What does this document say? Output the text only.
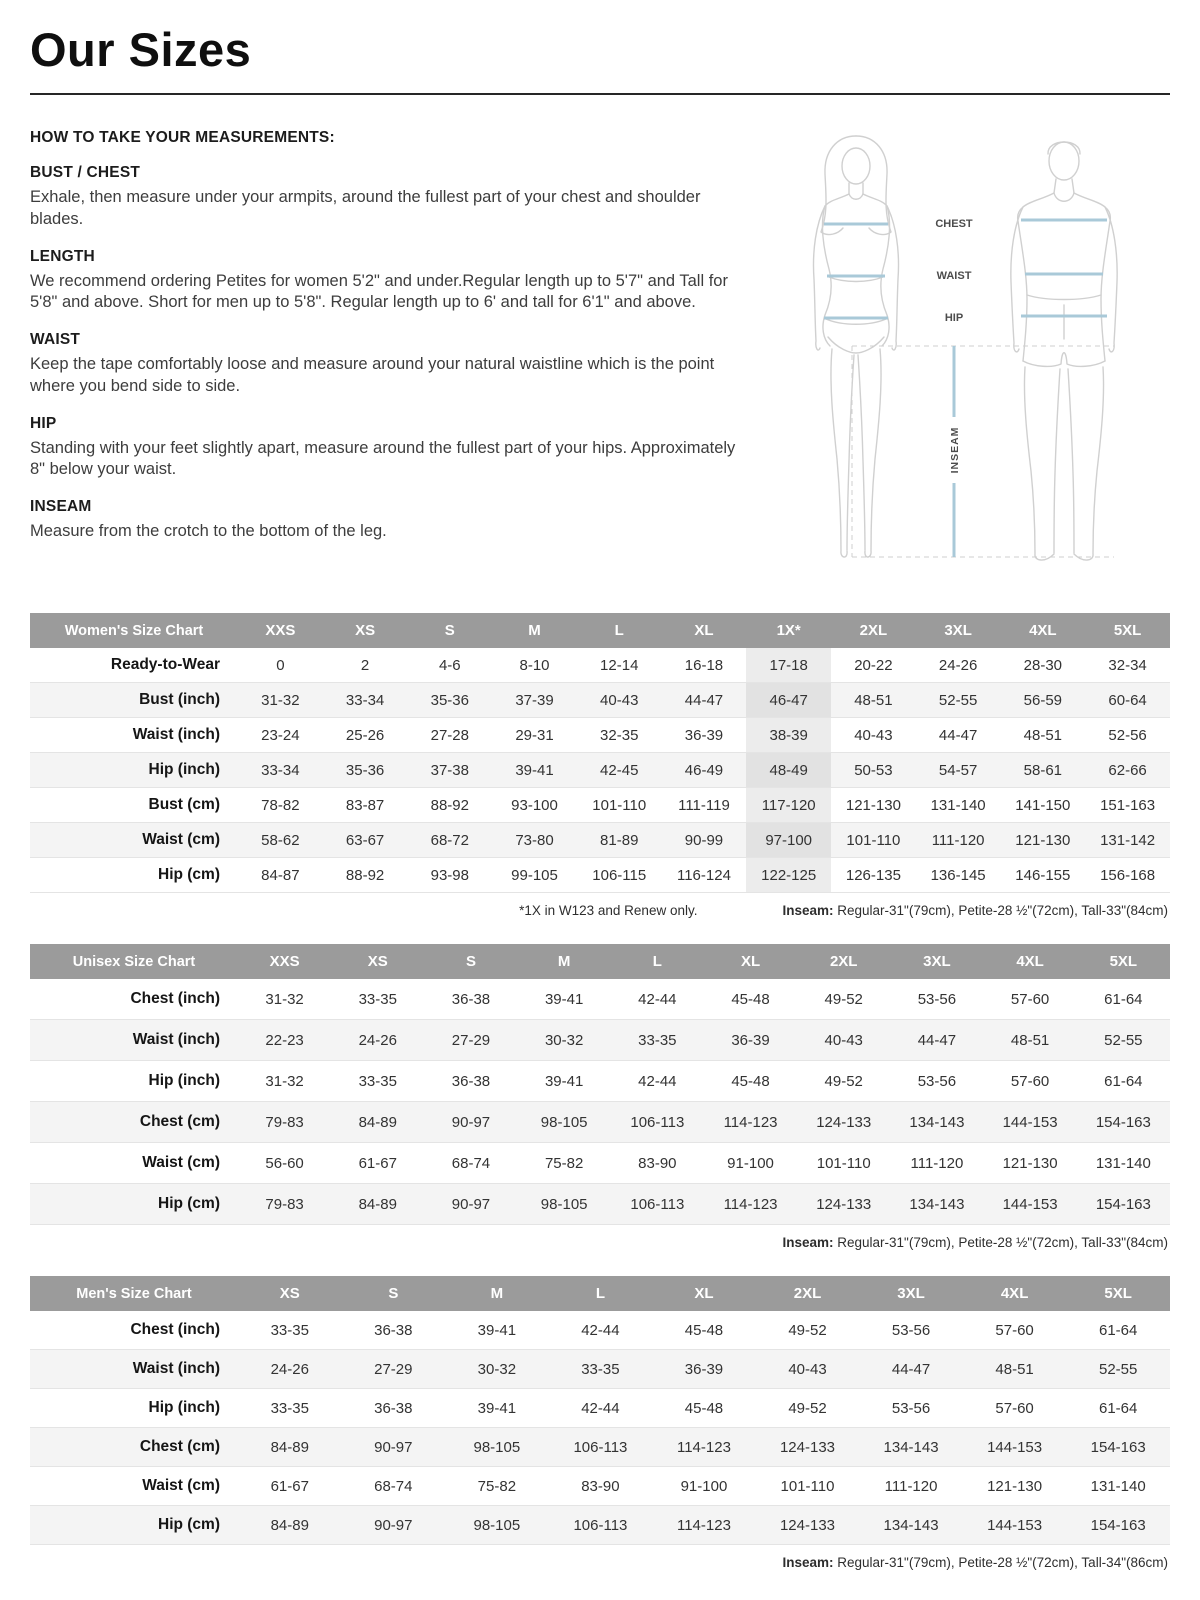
Our Sizes
HOW TO TAKE YOUR MEASUREMENTS:
BUST / CHEST

Exhale, then measure under your armpits, around the fullest part of your chest and shoulder blades.

LENGTH

We recommend ordering Petites for women 5'2" and under.Regular length up to 5'7" and Tall for 5'8" and above. Short for men up to 5'8". Regular length up to 6' and tall for 6'1" and above.

WAIST

Keep the tape comfortably loose and measure around your natural waistline which is the point where you bend side to side.

HIP

Standing with your feet slightly apart, measure around the fullest part of your hips. Approximately 8" below your waist.

INSEAM

Measure from the crotch to the bottom of the leg.

CHEST
WAIST
HIP
INSEAM
Women's Size Chart	XXS	XS	S	M	L	XL	1X*	2XL	3XL	4XL	5XL
Ready-to-Wear	0	2	4-6	8-10	12-14	16-18	17-18	20-22	24-26	28-30	32-34
Bust (inch)	31-32	33-34	35-36	37-39	40-43	44-47	46-47	48-51	52-55	56-59	60-64
Waist (inch)	23-24	25-26	27-28	29-31	32-35	36-39	38-39	40-43	44-47	48-51	52-56
Hip (inch)	33-34	35-36	37-38	39-41	42-45	46-49	48-49	50-53	54-57	58-61	62-66
Bust (cm)	78-82	83-87	88-92	93-100	101-110	111-119	117-120	121-130	131-140	141-150	151-163
Waist (cm)	58-62	63-67	68-72	73-80	81-89	90-99	97-100	101-110	111-120	121-130	131-142
Hip (cm)	84-87	88-92	93-98	99-105	106-115	116-124	122-125	126-135	136-145	146-155	156-168
*1X in W123 and Renew only.	Inseam: Regular-31"(79cm), Petite-28 ½"(72cm), Tall-33"(84cm)
Unisex Size Chart	XXS	XS	S	M	L	XL	2XL	3XL	4XL	5XL
Chest (inch)	31-32	33-35	36-38	39-41	42-44	45-48	49-52	53-56	57-60	61-64
Waist (inch)	22-23	24-26	27-29	30-32	33-35	36-39	40-43	44-47	48-51	52-55
Hip (inch)	31-32	33-35	36-38	39-41	42-44	45-48	49-52	53-56	57-60	61-64
Chest (cm)	79-83	84-89	90-97	98-105	106-113	114-123	124-133	134-143	144-153	154-163
Waist (cm)	56-60	61-67	68-74	75-82	83-90	91-100	101-110	111-120	121-130	131-140
Hip (cm)	79-83	84-89	90-97	98-105	106-113	114-123	124-133	134-143	144-153	154-163
Inseam: Regular-31"(79cm), Petite-28 ½"(72cm), Tall-33"(84cm)
Men's Size Chart	XS	S	M	L	XL	2XL	3XL	4XL	5XL
Chest (inch)	33-35	36-38	39-41	42-44	45-48	49-52	53-56	57-60	61-64
Waist (inch)	24-26	27-29	30-32	33-35	36-39	40-43	44-47	48-51	52-55
Hip (inch)	33-35	36-38	39-41	42-44	45-48	49-52	53-56	57-60	61-64
Chest (cm)	84-89	90-97	98-105	106-113	114-123	124-133	134-143	144-153	154-163
Waist (cm)	61-67	68-74	75-82	83-90	91-100	101-110	111-120	121-130	131-140
Hip (cm)	84-89	90-97	98-105	106-113	114-123	124-133	134-143	144-153	154-163
Inseam: Regular-31"(79cm), Petite-28 ½"(72cm), Tall-34"(86cm)
